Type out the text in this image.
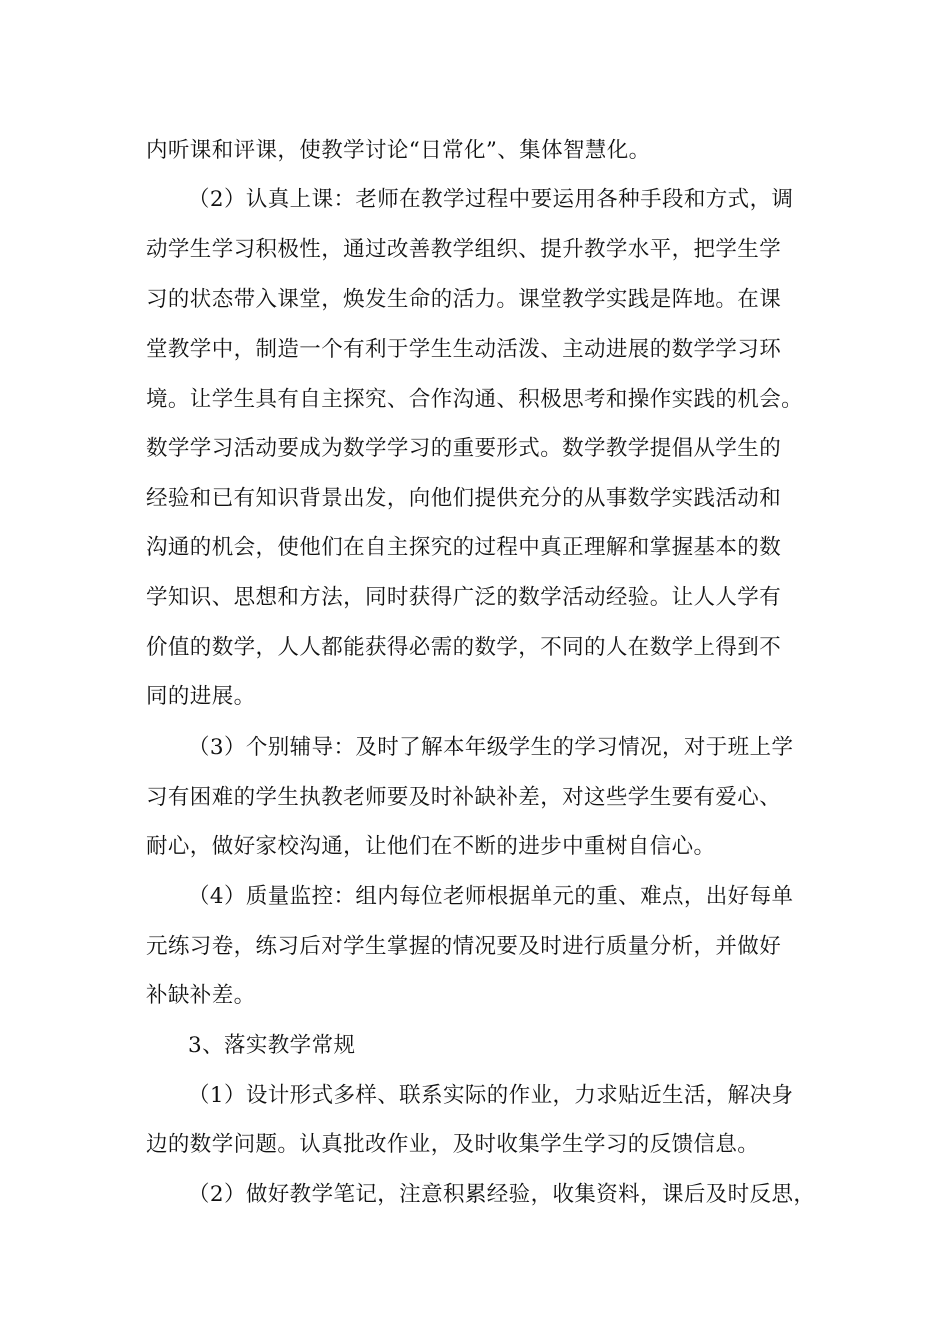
内听课和评课，使教学讨论“日常化”、集体智慧化。
（2）认真上课：老师在教学过程中要运用各种手段和方式，调
动学生学习积极性，通过改善教学组织、提升教学水平，把学生学
习的状态带入课堂，焕发生命的活力。课堂教学实践是阵地。在课
堂教学中，制造一个有利于学生生动活泼、主动进展的数学学习环
境。让学生具有自主探究、合作沟通、积极思考和操作实践的机会。
数学学习活动要成为数学学习的重要形式。数学教学提倡从学生的
经验和已有知识背景出发，向他们提供充分的从事数学实践活动和
沟通的机会，使他们在自主探究的过程中真正理解和掌握基本的数
学知识、思想和方法，同时获得广泛的数学活动经验。让人人学有
价值的数学，人人都能获得必需的数学，不同的人在数学上得到不
同的进展。
（3）个别辅导：及时了解本年级学生的学习情况，对于班上学
习有困难的学生执教老师要及时补缺补差，对这些学生要有爱心、
耐心，做好家校沟通，让他们在不断的进步中重树自信心。
（4）质量监控：组内每位老师根据单元的重、难点，出好每单
元练习卷，练习后对学生掌握的情况要及时进行质量分析，并做好
补缺补差。
3、落实教学常规
（1）设计形式多样、联系实际的作业，力求贴近生活，解决身
边的数学问题。认真批改作业，及时收集学生学习的反馈信息。
（2）做好教学笔记，注意积累经验，收集资料，课后及时反思，
